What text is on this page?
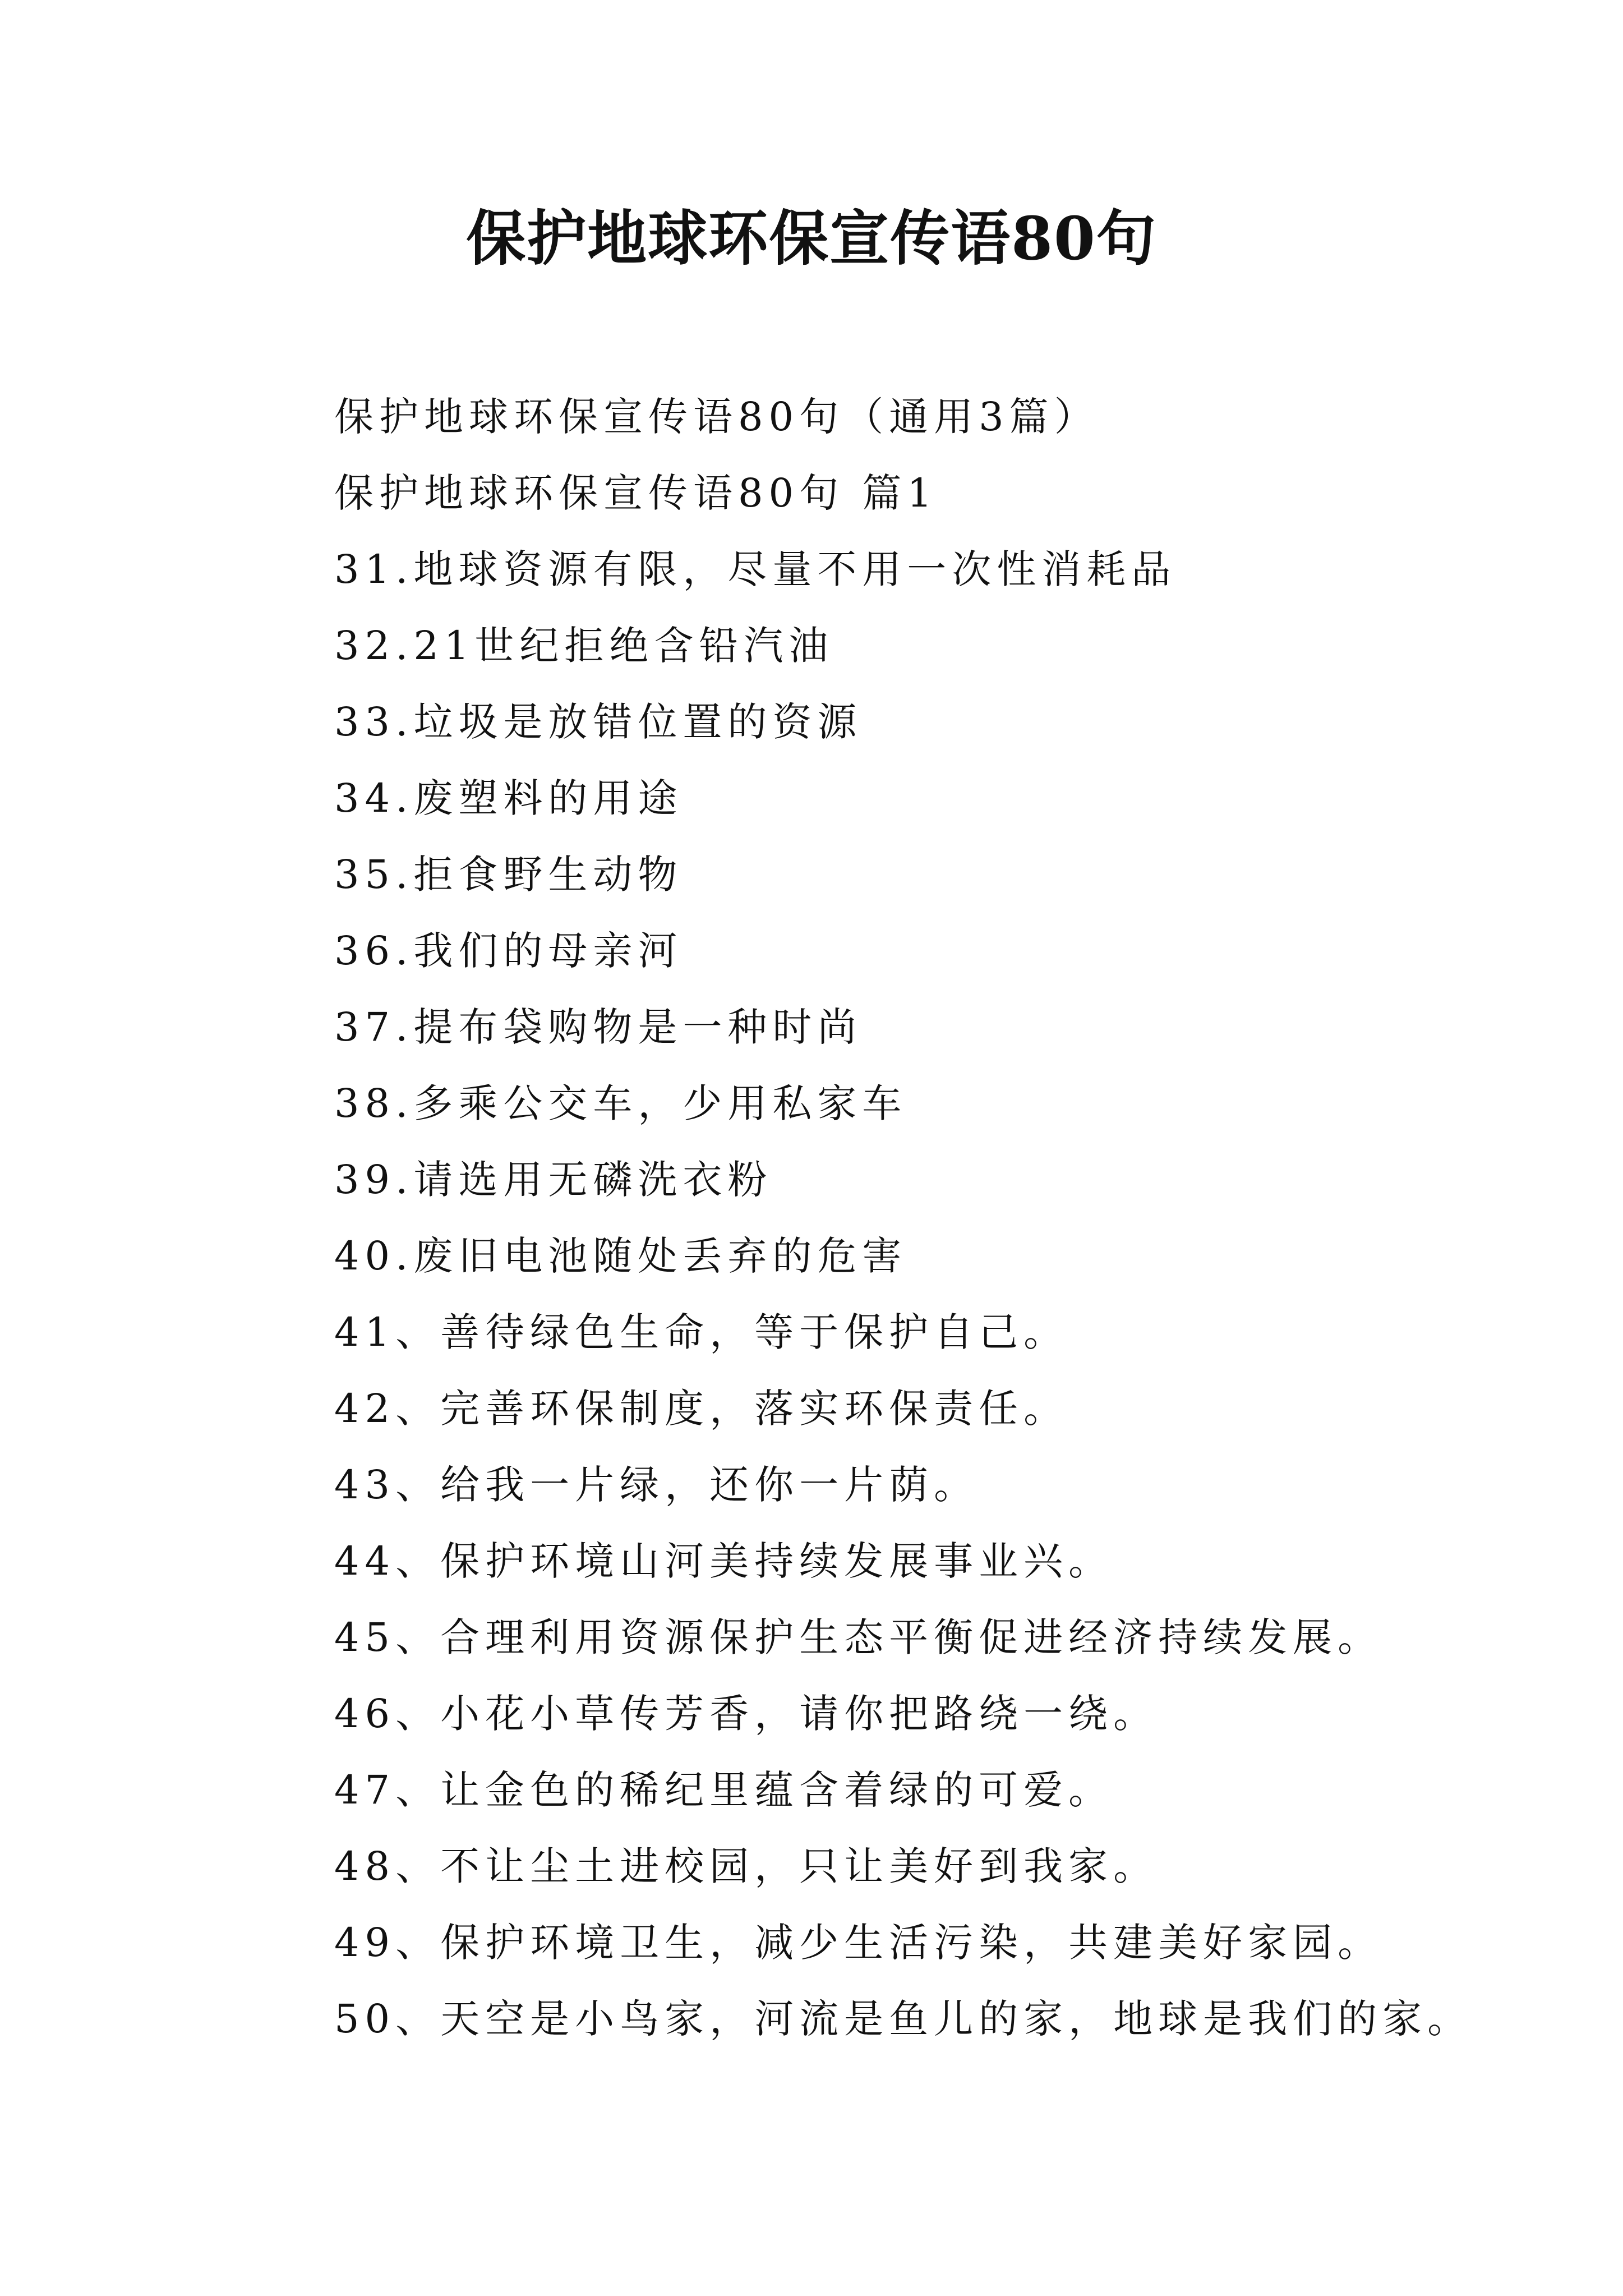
保护地球环保宣传语80句
保护地球环保宣传语80句（通用3篇）
保护地球环保宣传语80句 篇1
31.地球资源有限，尽量不用一次性消耗品
32.21世纪拒绝含铅汽油
33.垃圾是放错位置的资源
34.废塑料的用途
35.拒食野生动物
36.我们的母亲河
37.提布袋购物是一种时尚
38.多乘公交车，少用私家车
39.请选用无磷洗衣粉
40.废旧电池随处丢弃的危害
41、善待绿色生命，等于保护自己。
42、完善环保制度，落实环保责任。
43、给我一片绿，还你一片荫。
44、保护环境山河美持续发展事业兴。
45、合理利用资源保护生态平衡促进经济持续发展。
46、小花小草传芳香，请你把路绕一绕。
47、让金色的稀纪里蕴含着绿的可爱。
48、不让尘土进校园，只让美好到我家。
49、保护环境卫生，减少生活污染，共建美好家园。
50、天空是小鸟家，河流是鱼儿的家，地球是我们的家。
